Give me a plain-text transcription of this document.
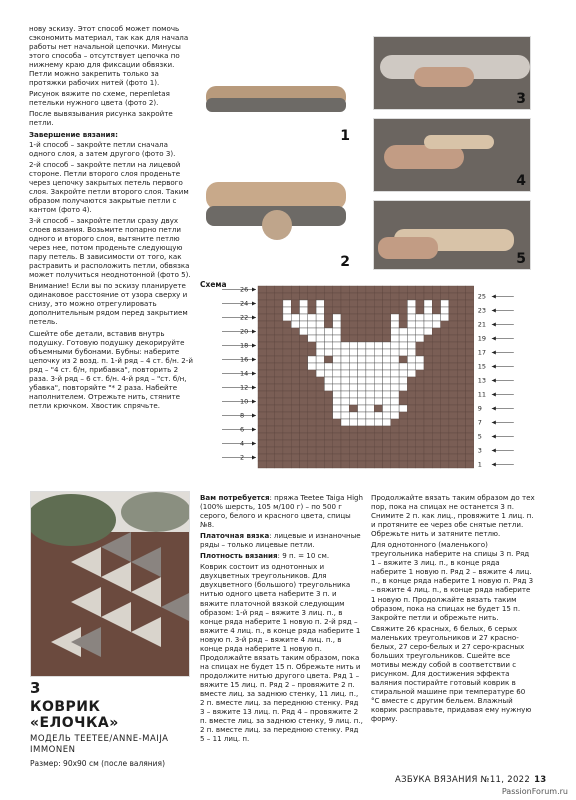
нову эскизу. Этот способ может помочь сэкономить материал, так как для начала работы нет начальной цепочки. Минусы этого способа – отсутствует цепочка по нижнему краю для фиксации обвязки. Петли можно закрепить только за протяжки рабочих нитей (фото 1).

Рисунок вяжите по схеме, перепletая петельки нужного цвета (фото 2).

После вывязывания рисунка закройте петли.

Завершение вязания:

1-й способ – закройте петли сначала одного слоя, а затем другого (фото 3).

2-й способ – закройте петли на лицевой стороне. Петли второго слоя проденьте через цепочку закрытых петель первого слоя. Закройте петли второго слоя. Таким образом получаются закрытые петли с кантом (фото 4).

3-й способ – закройте петли сразу двух слоев вязания. Возьмите попарно петли одного и второго слоя, вытяните петлю через нее, потом проденьте следующую пару петель. В зависимости от того, как растравить и расположить петли, обвязка может получиться неоднотонной (фото 5).

Внимание! Если вы по эскизу планируете одинаковое расстояние от узора сверху и снизу, это можно отрегулировать дополнительным рядом перед закрытием петель.

Сшейте обе детали, вставив внутрь подушку. Готовую подушку декорируйте объемными бубонами. Бубны: наберите цепочку из 2 возд. п. 1-й ряд – 4 ст. б/н. 2-й ряд – "4 ст. б/н, прибавка", повторить 2 раза. 3-й ряд – 6 ст. б/н. 4-й ряд – "ст. б/н, убавка", повторяйте "* 2 раза. Набейте наполнителем. Отрежьте нить, стяните петли крючком. Хвостик спрячьте.

1
2
3
4
5
Схема
26
24
22
20
18
16
14
12
10
8
6
4
2
25
23
21
19
17
15
13
11
9
7
5
3
1
3
КОВРИК «ЕЛОЧКА»
МОДЕЛЬ TEETEE/ANNE-MAIJA IMMONEN
Размер: 90х90 см (после валяния)

Вам потребуется: пряжа Teetee Taiga High (100% шерсть, 105 м/100 г) – по 500 г серого, белого и красного цвета, спицы №8.

Платочная вязка: лицевые и изнаночные ряды – только лицевые петли.

Плотность вязания: 9 п. = 10 см.

Коврик состоит из однотонных и двухцветных треугольников. Для двухцветного (большого) треугольника нитью одного цвета наберите 3 п. и вяжите платочной вязкой следующим образом: 1-й ряд – вяжите 3 лиц. п., в конце ряда наберите 1 новую п. 2-й ряд – вяжите 4 лиц. п., в конце ряда наберите 1 новую п. 3-й ряд – вяжите 4 лиц. п., в конце ряда наберите 1 новую п. Продолжайте вязать таким образом, пока на спицах не будет 15 п. Обрежьте нить и продолжите нитью другого цвета. Ряд 1 – вяжите 15 лиц. п. Ряд 2 – провяжите 2 п. вместе лиц. за заднюю стенку, 11 лиц. п., 2 п. вместе лиц. за переднюю стенку. Ряд 3 – вяжите 13 лиц. п. Ряд 4 – провяжите 2 п. вместе лиц. за заднюю стенку, 9 лиц. п., 2 п. вместе лиц. за переднюю стенку. Ряд 5 – 11 лиц. п.

Продолжайте вязать таким образом до тех пор, пока на спицах не останется 3 п. Снимите 2 п. как лиц., провяжите 1 лиц. п. и протяните ее через обе снятые петли. Обрежьте нить и затяните петлю.

Для однотонного (маленького) треугольника наберите на спицы 3 п. Ряд 1 – вяжите 3 лиц. п., в конце ряда наберите 1 новую п. Ряд 2 – вяжите 4 лиц. п., в конце ряда наберите 1 новую п. Ряд 3 – вяжите 4 лиц. п., в конце ряда наберите 1 новую п. Продолжайте вязать таким образом, пока на спицах не будет 15 п. Закройте петли и обрежьте нить.

Свяжите 26 красных, 6 белых, 6 серых маленьких треугольников и 27 красно-белых, 27 серо-белых и 27 серо-красных больших треугольников. Сшейте все мотивы между собой в соответствии с рисунком. Для достижения эффекта валяния постирайте готовый коврик в стиральной машине при температуре 60 °С вместе с другим бельем. Влажный коврик расправьте, придавая ему нужную форму.

АЗБУКА ВЯЗАНИЯ №11, 2022 13
PassionForum.ru
